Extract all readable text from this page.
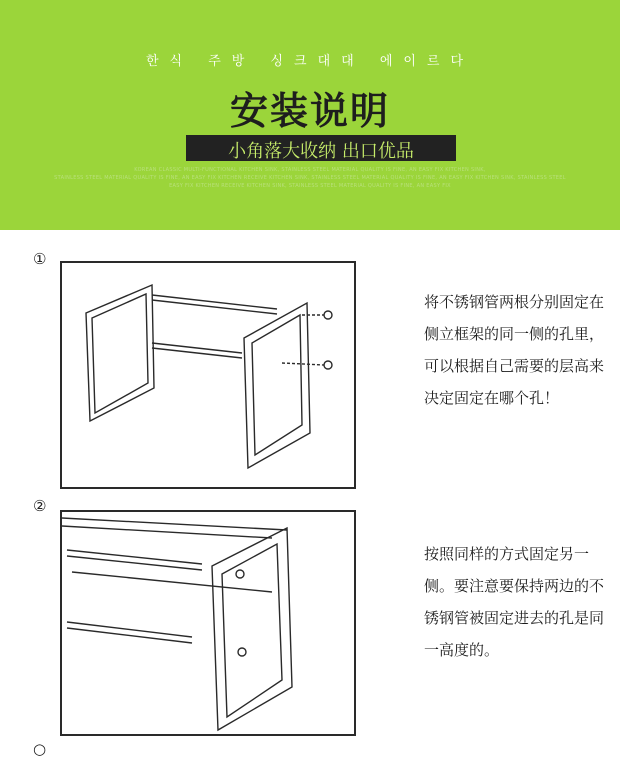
한식 주방 싱크대대 에이르다
安装说明
小角落大收纳 出口优品
KOREAN CLASSIC MULTI-FUNCTIONAL KITCHEN SINK, STAINLESS STEEL MATERIAL QUALITY IS FINE, AN EASY FIX KITCHEN SINK,
STAINLESS STEEL MATERIAL QUALITY IS FINE, AN EASY FIX KITCHEN RECEIVE KITCHEN SINK, STAINLESS STEEL MATERIAL QUALITY IS FINE, AN EASY FIX KITCHEN SINK, STAINLESS STEEL
EASY FIX KITCHEN RECEIVE KITCHEN SINK, STAINLESS STEEL MATERIAL QUALITY IS FINE, AN EASY FIX
①
将不锈钢管两根分别固定在侧立框架的同一侧的孔里，可以根据自己需要的层高来决定固定在哪个孔！
②
按照同样的方式固定另一侧。要注意要保持两边的不锈钢管被固定进去的孔是同一高度的。
○
